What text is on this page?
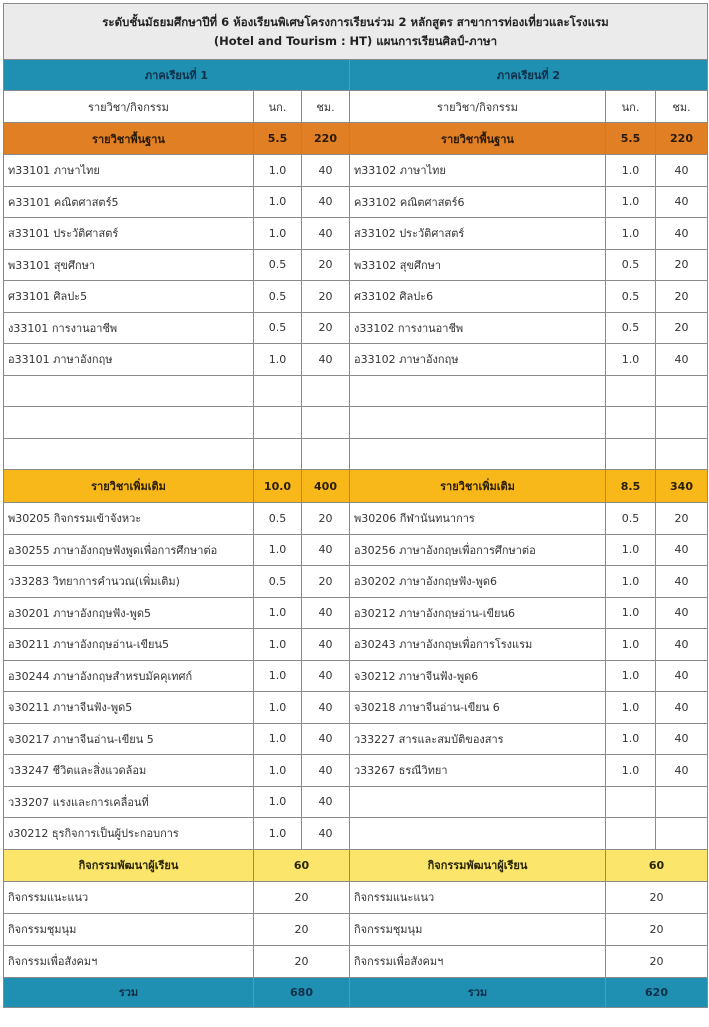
ระดับชั้นมัธยมศึกษาปีที่ 6 ห้องเรียนพิเศษโครงการเรียนร่วม 2 หลักสูตร สาขาการท่องเที่ยวและโรงแรม
(Hotel and Tourism : HT) แผนการเรียนศิลป์-ภาษา					

ภาคเรียนที่ 1			ภาคเรียนที่ 2		
รายวิชา/กิจกรรม	นก.	ชม.	รายวิชา/กิจกรรม	นก.	ชม.
รายวิชาพื้นฐาน	5.5	220	รายวิชาพื้นฐาน	5.5	220
ท33101 ภาษาไทย	1.0	40	ท33102 ภาษาไทย	1.0	40
ค33101 คณิตศาสตร์5	1.0	40	ค33102 คณิตศาสตร์6	1.0	40
ส33101 ประวัติศาสตร์	1.0	40	ส33102 ประวัติศาสตร์	1.0	40
พ33101 สุขศึกษา	0.5	20	พ33102 สุขศึกษา	0.5	20
ศ33101 ศิลปะ5	0.5	20	ศ33102 ศิลปะ6	0.5	20
ง33101 การงานอาชีพ	0.5	20	ง33102 การงานอาชีพ	0.5	20
อ33101 ภาษาอังกฤษ	1.0	40	อ33102 ภาษาอังกฤษ	1.0	40

รายวิชาเพิ่มเติม	10.0	400	รายวิชาเพิ่มเติม	8.5	340
พ30205 กิจกรรมเข้าจังหวะ	0.5	20	พ30206 กีฬานันทนาการ	0.5	20
อ30255 ภาษาอังกฤษฟังพูดเพื่อการศึกษาต่อ	1.0	40	อ30256 ภาษาอังกฤษเพื่อการศึกษาต่อ	1.0	40
ว33283 วิทยาการคำนวณ(เพิ่มเติม)	0.5	20	อ30202 ภาษาอังกฤษฟัง-พูด6	1.0	40
อ30201 ภาษาอังกฤษฟัง-พูด5	1.0	40	อ30212 ภาษาอังกฤษอ่าน-เขียน6	1.0	40
อ30211 ภาษาอังกฤษอ่าน-เขียน5	1.0	40	อ30243 ภาษาอังกฤษเพื่อการโรงแรม	1.0	40
อ30244 ภาษาอังกฤษสำหรบมัคคุเทศก์	1.0	40	จ30212 ภาษาจีนฟัง-พูด6	1.0	40
จ30211 ภาษาจีนฟัง-พูด5	1.0	40	จ30218 ภาษาจีนอ่าน-เขียน 6	1.0	40
จ30217 ภาษาจีนอ่าน-เขียน 5	1.0	40	ว33227 สารและสมบัติของสาร	1.0	40
ว33247 ชีวิตและสิ่งแวดล้อม	1.0	40	ว33267 ธรณีวิทยา	1.0	40
ว33207 แรงและการเคลื่อนที่	1.0	40			
ง30212 ธุรกิจการเป็นผู้ประกอบการ	1.0	40			
กิจกรรมพัฒนาผู้เรียน	60		กิจกรรมพัฒนาผู้เรียน	60	
กิจกรรมแนะแนว	20		กิจกรรมแนะแนว	20	
กิจกรรมชุมนุม	20		กิจกรรมชุมนุม	20	
กิจกรรมเพื่อสังคมฯ	20		กิจกรรมเพื่อสังคมฯ	20	
รวม	680		รวม	620	
